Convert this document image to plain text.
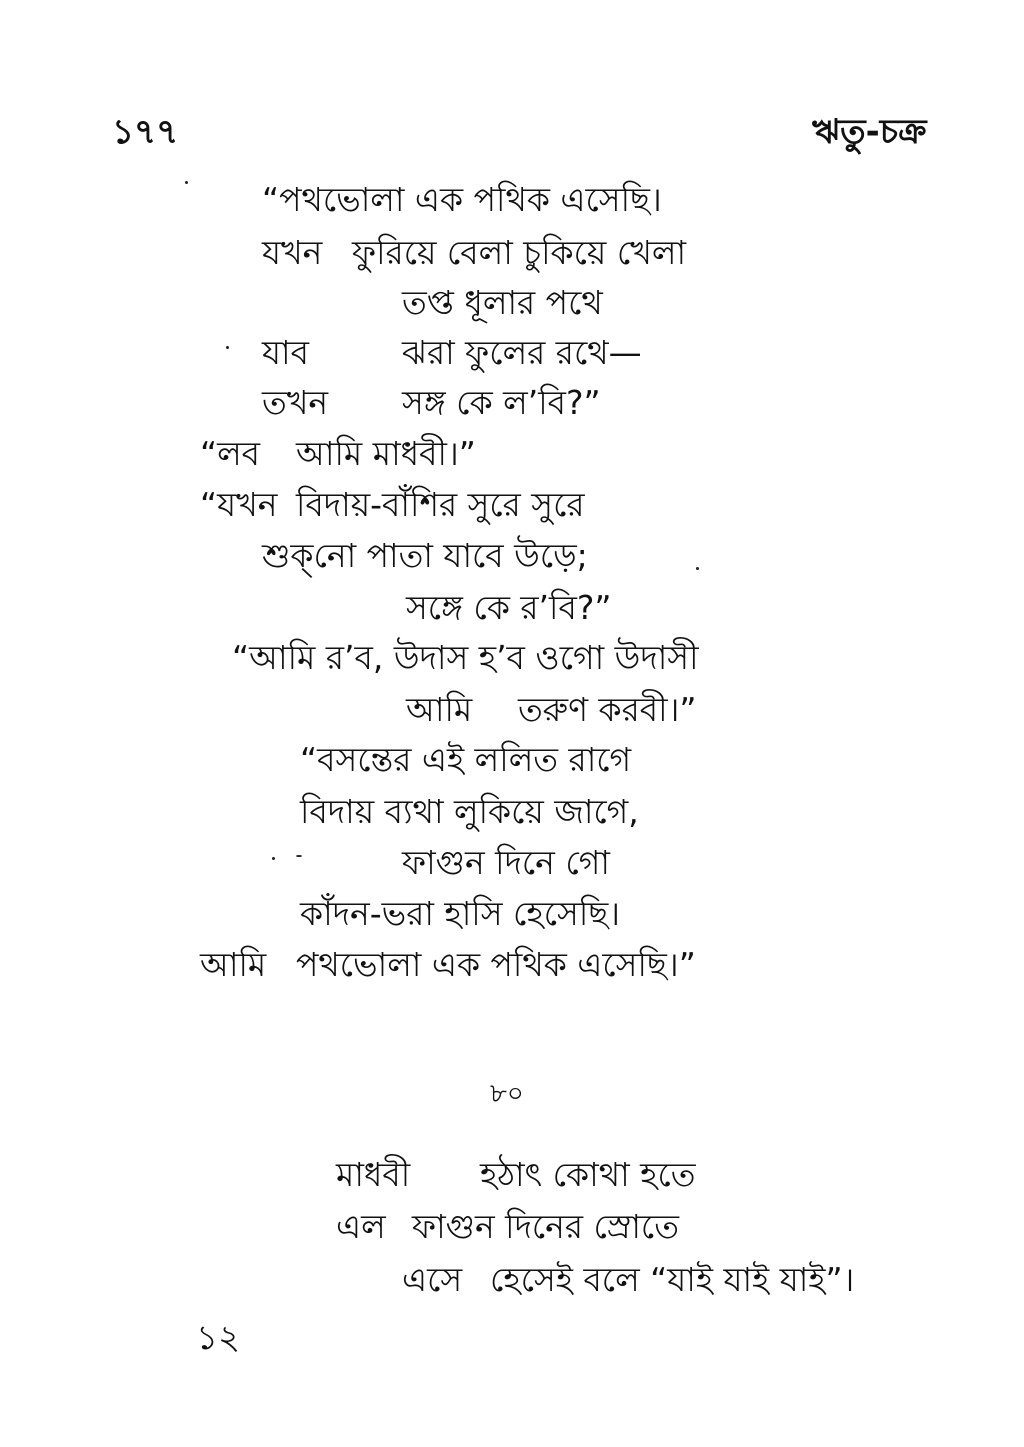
১৭৭	ঋতু-চক্র
“পথভোলা এক পথিক এসেছি।
যখন ফুরিয়ে বেলা চুকিয়ে খেলা
তপ্ত ধূলার পথে
যাব	ঝরা ফুলের রথে—
তখন সঙ্গ কে ল’বি?”
“লব আমি মাধবী।”
“যখন বিদায়-বাঁশির সুরে সুরে
শুক্‌নো পাতা যাবে উড়ে;
সঙ্গে কে র’বি?”
“আমি র’ব, উদাস হ’ব ওগো উদাসী
আমি তরুণ করবী।”
“বসন্তের এই ললিত রাগে
বিদায় ব্যথা লুকিয়ে জাগে,
ফাগুন দিনে গো
কাঁদন-ভরা হাসি হেসেছি।
আমি পথভোলা এক পথিক এসেছি।”
৮০
মাধবী হঠাৎ কোথা হতে
এল ফাগুন দিনের স্রোতে
এসে হেসেই বলে “যাই যাই যাই”।
১২
